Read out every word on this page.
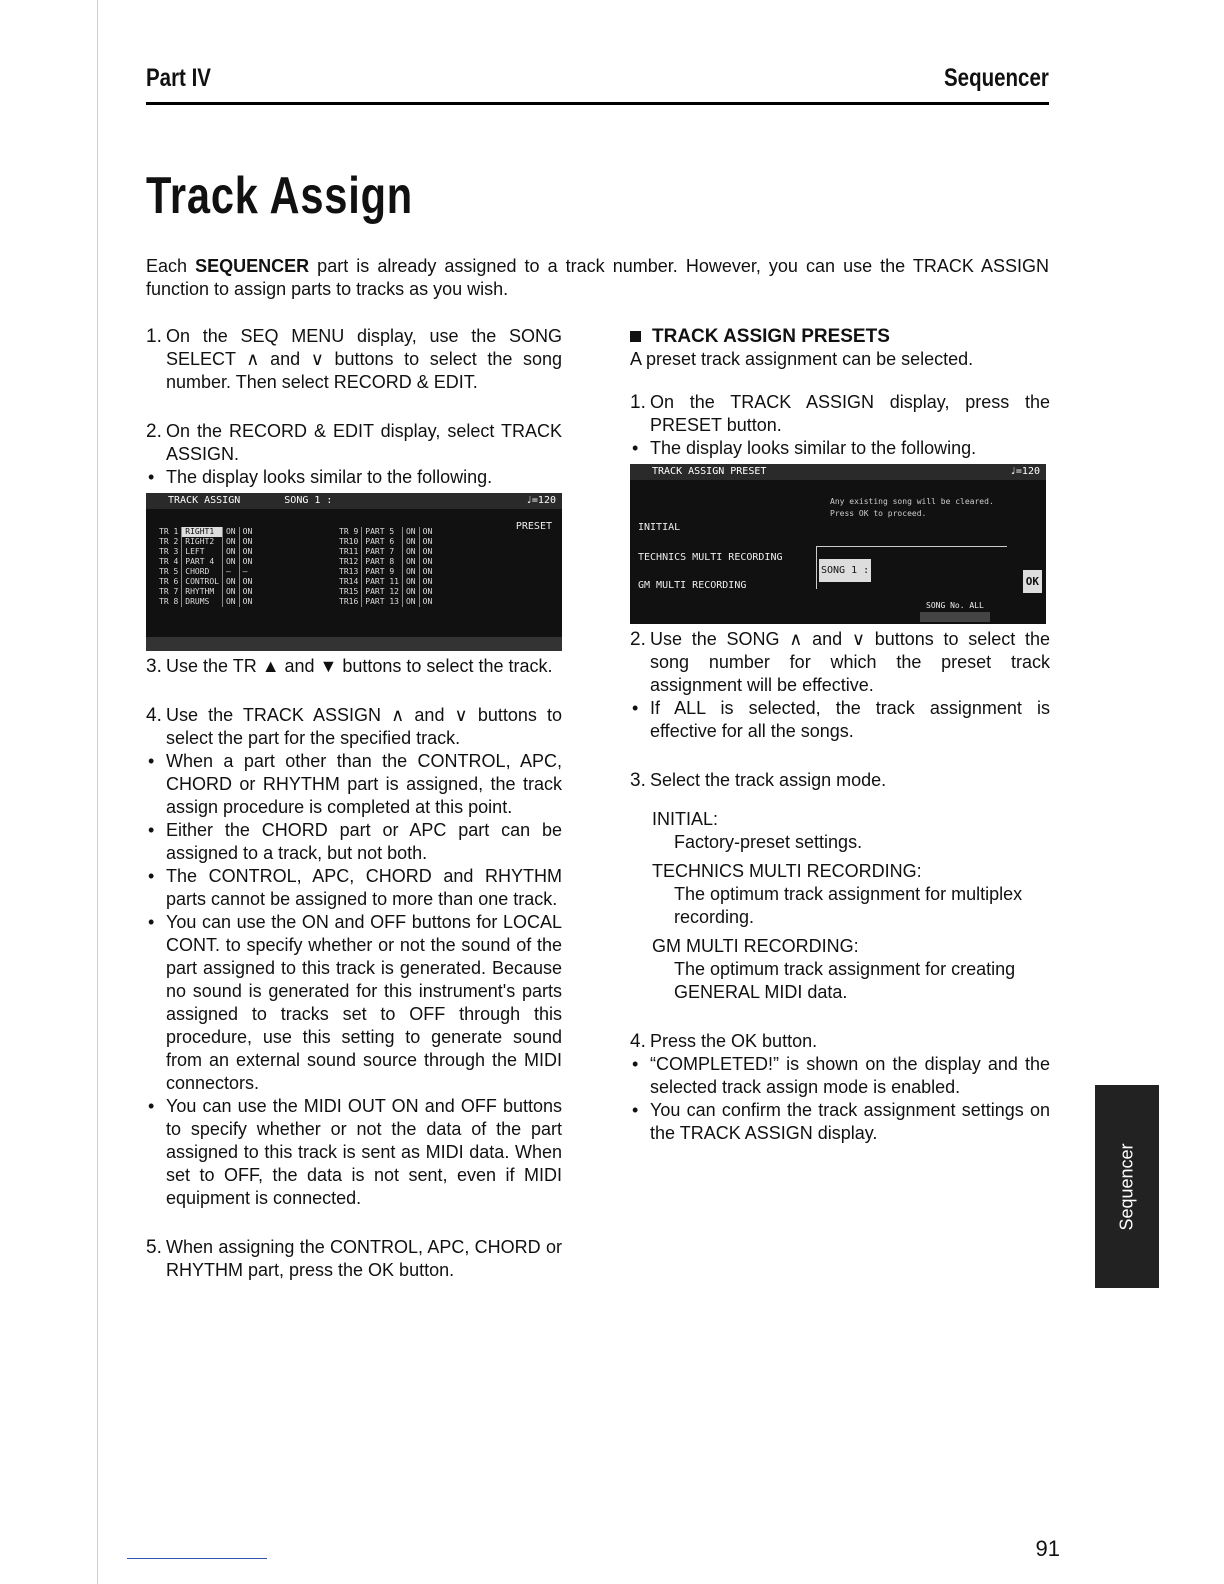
Part IV	Sequencer
Track Assign

Each SEQUENCER part is already assigned to a track number. However, you can use the TRACK ASSIGN function to assign parts to tracks as you wish.

1. On the SEQ MENU display, use the SONG SELECT ∧ and ∨ buttons to select the song number. Then select RECORD & EDIT.
2. On the RECORD & EDIT display, select TRACK ASSIGN.
• The display looks similar to the following.
TRACK ASSIGN	SONG 1 :	♩=120
PRESET
TR 1	RIGHT1	ON	ON
TR 2	RIGHT2	ON	ON
TR 3	LEFT	ON	ON
TR 4	PART 4	ON	ON
TR 5	CHORD	—	—
TR 6	CONTROL	ON	ON
TR 7	RHYTHM	ON	ON
TR 8	DRUMS	ON	ON
TR 9	PART 5	ON	ON
TR10	PART 6	ON	ON
TR11	PART 7	ON	ON
TR12	PART 8	ON	ON
TR13	PART 9	ON	ON
TR14	PART 11	ON	ON
TR15	PART 12	ON	ON
TR16	PART 13	ON	ON
3. Use the TR ▲ and ▼ buttons to select the track.
4. Use the TRACK ASSIGN ∧ and ∨ buttons to select the part for the specified track.
• When a part other than the CONTROL, APC, CHORD or RHYTHM part is assigned, the track assign procedure is completed at this point.
• Either the CHORD part or APC part can be assigned to a track, but not both.
• The CONTROL, APC, CHORD and RHYTHM parts cannot be assigned to more than one track.
• You can use the ON and OFF buttons for LOCAL CONT. to specify whether or not the sound of the part assigned to this track is generated. Because no sound is generated for this instrument's parts assigned to tracks set to OFF through this procedure, use this setting to generate sound from an external sound source through the MIDI connectors.
• You can use the MIDI OUT ON and OFF buttons to specify whether or not the data of the part assigned to this track is sent as MIDI data. When set to OFF, the data is not sent, even if MIDI equipment is connected.
5. When assigning the CONTROL, APC, CHORD or RHYTHM part, press the OK button.
TRACK ASSIGN PRESETS
A preset track assignment can be selected.
1. On the TRACK ASSIGN display, press the PRESET button.
• The display looks similar to the following.
TRACK ASSIGN PRESET	♩=120
Any existing song will be cleared.
Press OK to proceed.
INITIAL
TECHNICS MULTI RECORDING
GM MULTI RECORDING
SONG 1 :
OK
SONG No. ALL
2. Use the SONG ∧ and ∨ buttons to select the song number for which the preset track assignment will be effective.
• If ALL is selected, the track assignment is effective for all the songs.
3. Select the track assign mode.
INITIAL:
Factory-preset settings.
TECHNICS MULTI RECORDING:
The optimum track assignment for multiplex recording.
GM MULTI RECORDING:
The optimum track assignment for creating GENERAL MIDI data.
4. Press the OK button.
• “COMPLETED!” is shown on the display and the selected track assign mode is enabled.
• You can confirm the track assignment settings on the TRACK ASSIGN display.
Sequencer
91
